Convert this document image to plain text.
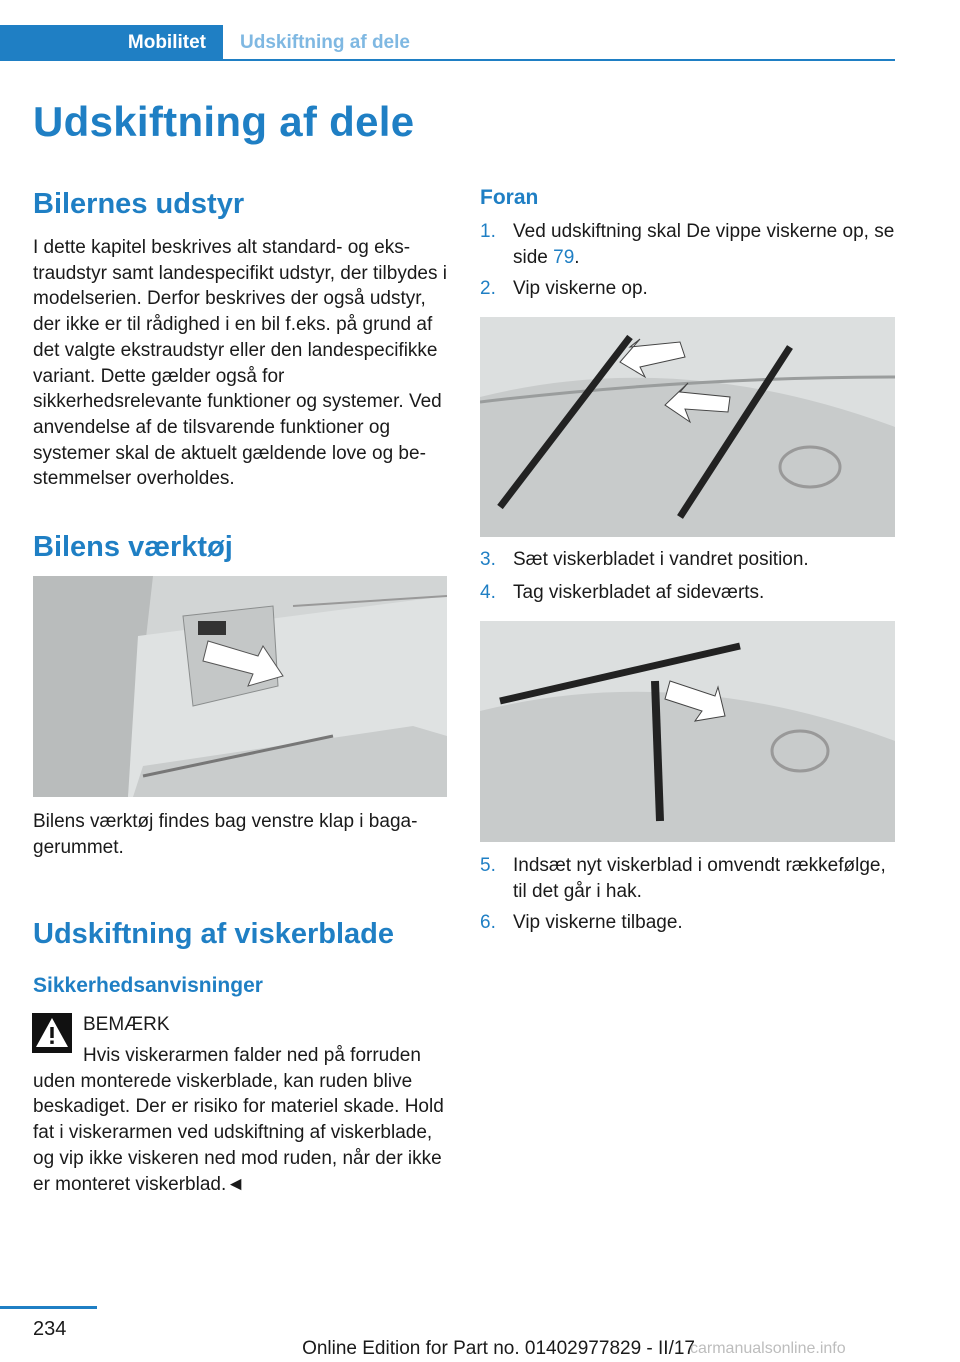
Mobilitet	Udskiftning af dele
Udskiftning af dele
Bilernes udstyr

I dette kapitel beskrives alt standard- og ekstraudstyr samt landespecifikt udstyr, der tilbydes i modelserien. Derfor beskrives der også udstyr, der ikke er til rådighed i en bil f.eks. på grund af det valgte ekstraudstyr eller den landespecifikke variant. Dette gælder også for sikkerhedsrelevante funktioner og systemer. Ved anvendelse af de tilsvarende funktioner og systemer skal de aktuelt gældende love og bestemmelser overholdes.

Bilens værktøj

Bilens værktøj findes bag venstre klap i bagagerummet.

Udskiftning af viskerblade
Sikkerhedsanvisninger

BEMÆRK

Hvis viskerarmen falder ned på forruden uden monterede viskerblade, kan ruden blive beskadiget. Der er risiko for materiel skade. Hold fat i viskerarmen ved udskiftning af viskerblade, og vip ikke viskeren ned mod ruden, når der ikke er monteret viskerblad.◄

Foran
1. Ved udskiftning skal De vippe viskerne op, se side 79.
2. Vip viskerne op.
3. Sæt viskerbladet i vandret position.
4. Tag viskerbladet af sideværts.
5. Indsæt nyt viskerblad i omvendt rækkefølge, til det går i hak.
6. Vip viskerne tilbage.
234
Online Edition for Part no. 01402977829 - II/17
carmanualsonline.info
